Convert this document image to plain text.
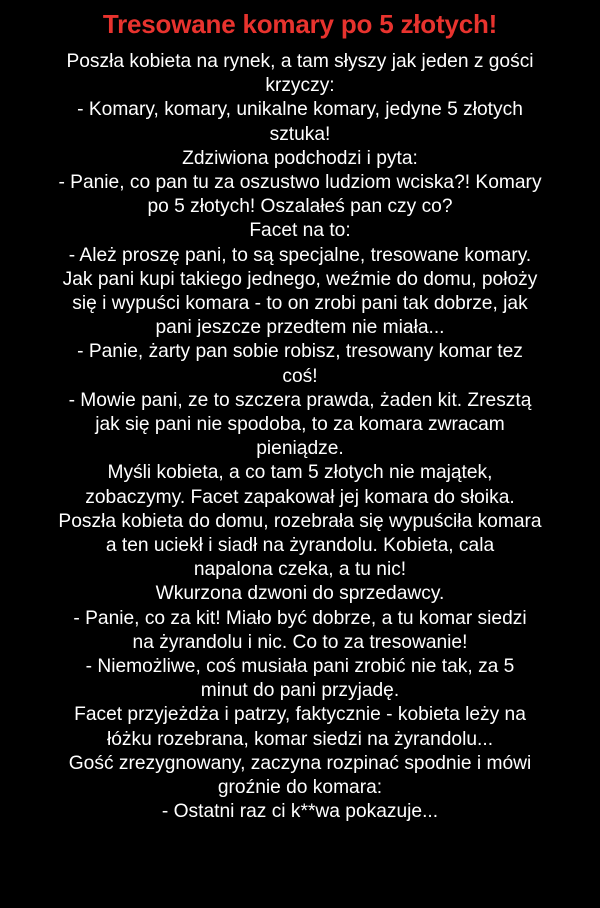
Tresowane komary po 5 złotych!
Poszła kobieta na rynek, a tam słyszy jak jeden z gości
krzyczy:
- Komary, komary, unikalne komary, jedyne 5 złotych
sztuka!
Zdziwiona podchodzi i pyta:
- Panie, co pan tu za oszustwo ludziom wciska?! Komary
po 5 złotych! Oszalałeś pan czy co?
Facet na to:
- Ależ proszę pani, to są specjalne, tresowane komary.
Jak pani kupi takiego jednego, weźmie do domu, położy
się i wypuści komara - to on zrobi pani tak dobrze, jak
pani jeszcze przedtem nie miała...
- Panie, żarty pan sobie robisz, tresowany komar tez
coś!
- Mowie pani, ze to szczera prawda, żaden kit. Zresztą
jak się pani nie spodoba, to za komara zwracam
pieniądze.
Myśli kobieta, a co tam 5 złotych nie majątek,
zobaczymy. Facet zapakował jej komara do słoika.
Poszła kobieta do domu, rozebrała się wypuściła komara
a ten uciekł i siadł na żyrandolu. Kobieta, cala
napalona czeka, a tu nic!
Wkurzona dzwoni do sprzedawcy.
- Panie, co za kit! Miało być dobrze, a tu komar siedzi
na żyrandolu i nic. Co to za tresowanie!
- Niemożliwe, coś musiała pani zrobić nie tak, za 5
minut do pani przyjadę.
Facet przyjeżdża i patrzy, faktycznie - kobieta leży na
łóżku rozebrana, komar siedzi na żyrandolu...
Gość zrezygnowany, zaczyna rozpinać spodnie i mówi
groźnie do komara:
- Ostatni raz ci k**wa pokazuje...
